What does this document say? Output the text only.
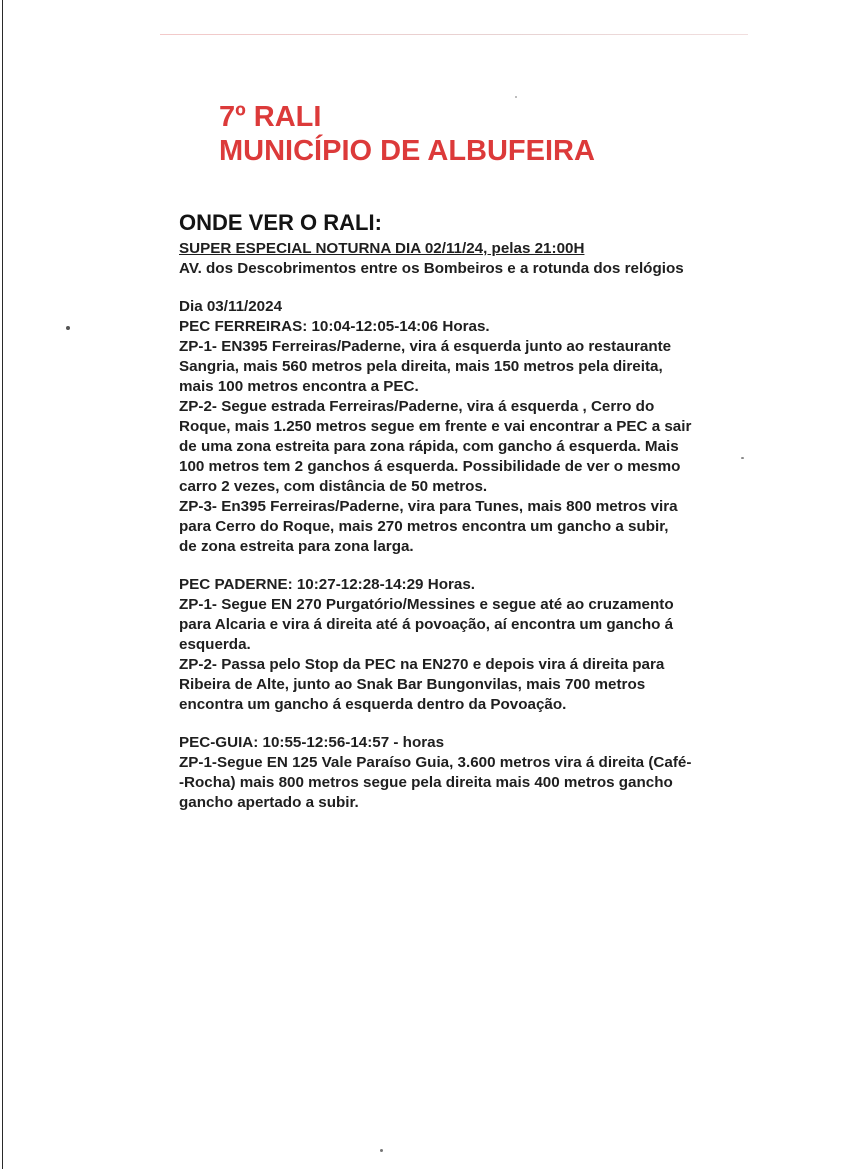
7º RALI
MUNICÍPIO DE ALBUFEIRA
ONDE VER O RALI:
SUPER ESPECIAL NOTURNA DIA 02/11/24, pelas 21:00H
AV. dos Descobrimentos entre os Bombeiros e a rotunda dos relógios
Dia 03/11/2024
PEC FERREIRAS: 10:04-12:05-14:06 Horas.
ZP-1- EN395 Ferreiras/Paderne, vira á esquerda junto ao restaurante
Sangria, mais 560 metros pela direita, mais 150 metros pela direita,
mais 100 metros encontra a PEC.
ZP-2- Segue estrada Ferreiras/Paderne, vira á esquerda , Cerro do
Roque, mais 1.250 metros segue em frente e vai encontrar a PEC a sair
de uma zona estreita para zona rápida, com gancho á esquerda. Mais
100 metros tem 2 ganchos á esquerda. Possibilidade de ver o mesmo
carro 2 vezes, com distância de 50 metros.
ZP-3- En395 Ferreiras/Paderne, vira para Tunes, mais 800 metros vira
para Cerro do Roque, mais 270 metros encontra um gancho a subir,
de zona estreita para zona larga.
PEC PADERNE: 10:27-12:28-14:29 Horas.
ZP-1- Segue EN 270 Purgatório/Messines e segue até ao cruzamento
para Alcaria e vira á direita até á povoação, aí encontra um gancho á
esquerda.
ZP-2- Passa pelo Stop da PEC na EN270 e depois vira á direita para
Ribeira de Alte, junto ao Snak Bar Bungonvilas, mais 700 metros
encontra um gancho á esquerda dentro da Povoação.
PEC-GUIA: 10:55-12:56-14:57 - horas
ZP-1-Segue EN 125 Vale Paraíso Guia, 3.600 metros vira á direita (Café-
-Rocha) mais 800 metros segue pela direita mais 400 metros gancho
gancho apertado a subir.
